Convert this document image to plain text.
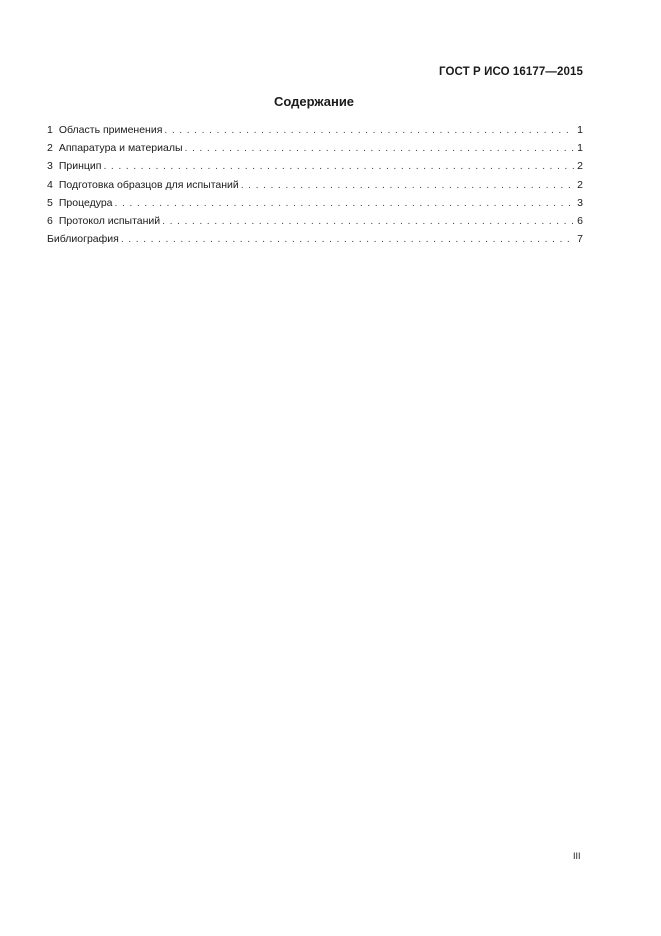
ГОСТ Р ИСО 16177—2015
Содержание
1 Область применения . . .	1
2 Аппаратура и материалы . . .	1
3 Принцип . . .	2
4 Подготовка образцов для испытаний . . .	2
5 Процедура . . .	3
6 Протокол испытаний . . .	6
Библиография . . .	7
III
